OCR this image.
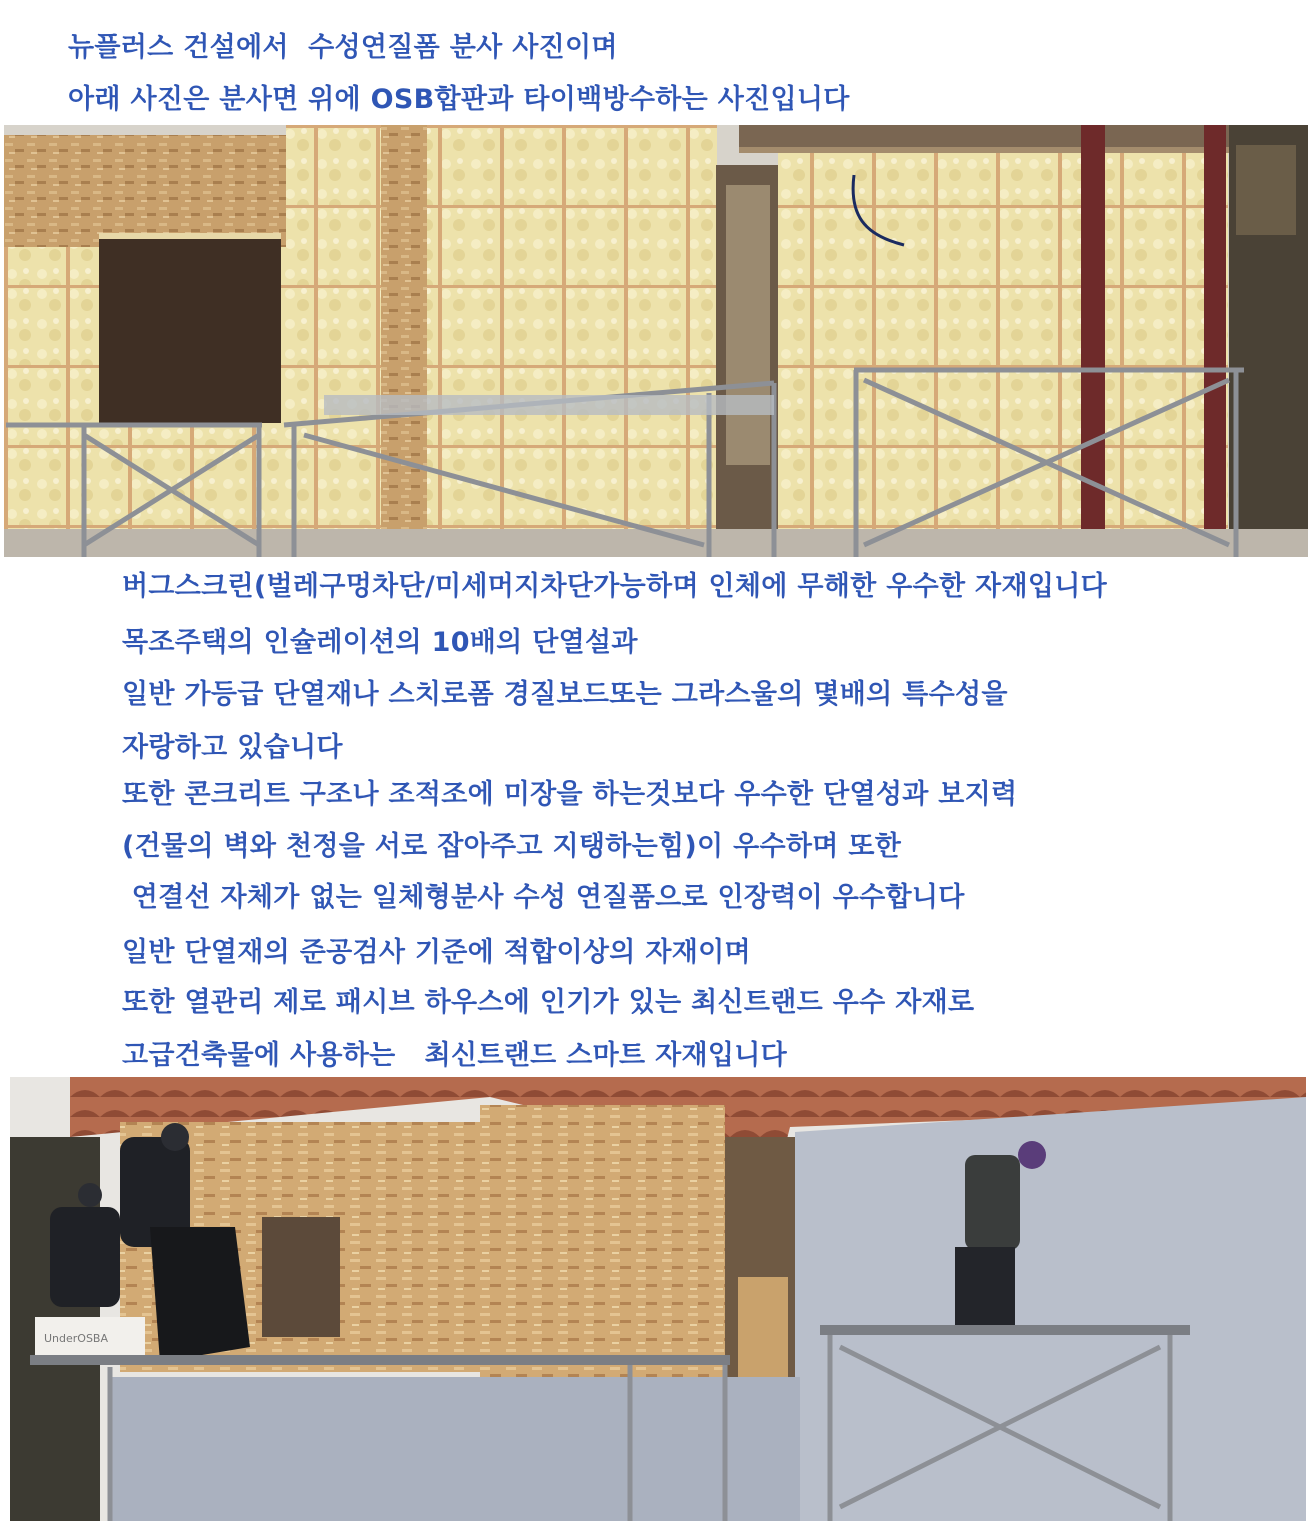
뉴플러스 건설에서  수성연질폼 분사 사진이며

아래 사진은 분사면 위에 OSB합판과 타이백방수하는 사진입니다

버그스크린(벌레구멍차단/미세머지차단가능하며 인체에 무해한 우수한 자재입니다

목조주택의 인슐레이션의 10배의 단열설과

일반 가등급 단열재나 스치로폼 경질보드또는 그라스울의 몇배의 특수성을

자랑하고 있습니다

또한 콘크리트 구조나 조적조에 미장을 하는것보다 우수한 단열성과 보지력

(건물의 벽와 천정을 서로 잡아주고 지탱하는힘)이 우수하며 또한

연결선 자체가 없는 일체형분사 수성 연질품으로 인장력이 우수합니다

일반 단열재의 준공검사 기준에 적합이상의 자재이며

또한 열관리 제로 패시브 하우스에 인기가 있는 최신트랜드 우수 자재로

고급건축물에 사용하는   최신트랜드 스마트 자재입니다

UnderOSBA
